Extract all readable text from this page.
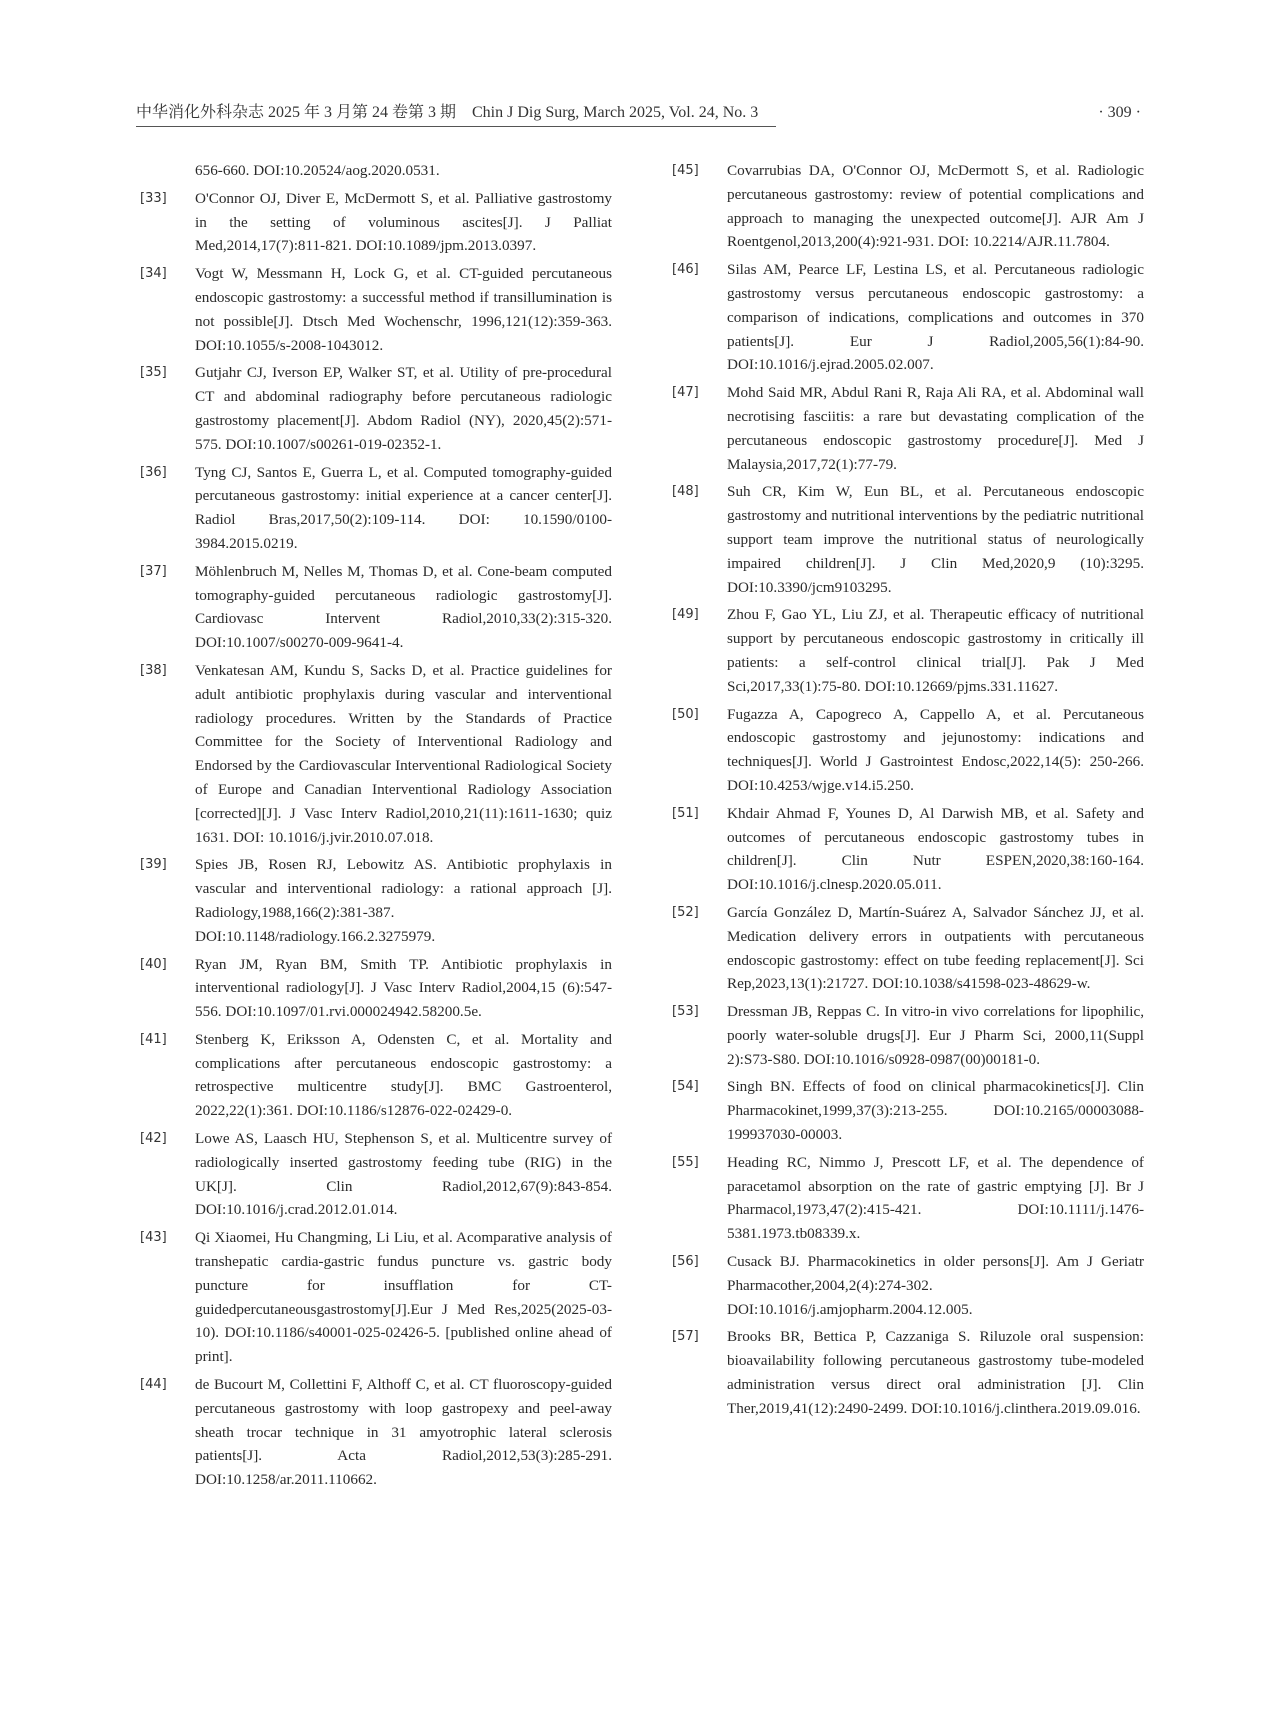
中华消化外科杂志 2025 年 3 月第 24 卷第 3 期　Chin J Dig Surg, March 2025, Vol. 24, No. 3	· 309 ·
656-660. DOI:10.20524/aog.2020.0531.
[33]	O'Connor OJ, Diver E, McDermott S, et al. Palliative gastrostomy in the setting of voluminous ascites[J]. J Palliat Med,2014,17(7):811-821. DOI:10.1089/jpm.2013.0397.
[34]	Vogt W, Messmann H, Lock G, et al. CT-guided percutaneous endoscopic gastrostomy: a successful method if transillumination is not possible[J]. Dtsch Med Wochenschr, 1996,121(12):359-363. DOI:10.1055/s-2008-1043012.
[35]	Gutjahr CJ, Iverson EP, Walker ST, et al. Utility of pre-procedural CT and abdominal radiography before percutaneous radiologic gastrostomy placement[J]. Abdom Radiol (NY), 2020,45(2):571-575. DOI:10.1007/s00261-019-02352-1.
[36]	Tyng CJ, Santos E, Guerra L, et al. Computed tomography-guided percutaneous gastrostomy: initial experience at a cancer center[J]. Radiol Bras,2017,50(2):109-114. DOI: 10.1590/0100-3984.2015.0219.
[37]	Möhlenbruch M, Nelles M, Thomas D, et al. Cone-beam computed tomography-guided percutaneous radiologic gastrostomy[J]. Cardiovasc Intervent Radiol,2010,33(2):315-320. DOI:10.1007/s00270-009-9641-4.
[38]	Venkatesan AM, Kundu S, Sacks D, et al. Practice guidelines for adult antibiotic prophylaxis during vascular and interventional radiology procedures. Written by the Standards of Practice Committee for the Society of Interventional Radiology and Endorsed by the Cardiovascular Interventional Radiological Society of Europe and Canadian Interventional Radiology Association [corrected][J]. J Vasc Interv Radiol,2010,21(11):1611-1630; quiz 1631. DOI: 10.1016/j.jvir.2010.07.018.
[39]	Spies JB, Rosen RJ, Lebowitz AS. Antibiotic prophylaxis in vascular and interventional radiology: a rational approach [J]. Radiology,1988,166(2):381-387. DOI:10.1148/radiology.166.2.3275979.
[40]	Ryan JM, Ryan BM, Smith TP. Antibiotic prophylaxis in interventional radiology[J]. J Vasc Interv Radiol,2004,15 (6):547-556. DOI:10.1097/01.rvi.000024942.58200.5e.
[41]	Stenberg K, Eriksson A, Odensten C, et al. Mortality and complications after percutaneous endoscopic gastrostomy: a retrospective multicentre study[J]. BMC Gastroenterol, 2022,22(1):361. DOI:10.1186/s12876-022-02429-0.
[42]	Lowe AS, Laasch HU, Stephenson S, et al. Multicentre survey of radiologically inserted gastrostomy feeding tube (RIG) in the UK[J]. Clin Radiol,2012,67(9):843-854. DOI:10.1016/j.crad.2012.01.014.
[43]	Qi Xiaomei, Hu Changming, Li Liu, et al. Acomparative analysis of transhepatic cardia-gastric fundus puncture vs. gastric body puncture for insufflation for CT-guidedpercutaneousgastrostomy[J].Eur J Med Res,2025(2025-03-10). DOI:10.1186/s40001-025-02426-5. [published online ahead of print].
[44]	de Bucourt M, Collettini F, Althoff C, et al. CT fluoroscopy-guided percutaneous gastrostomy with loop gastropexy and peel-away sheath trocar technique in 31 amyotrophic lateral sclerosis patients[J]. Acta Radiol,2012,53(3):285-291. DOI:10.1258/ar.2011.110662.
[45]	Covarrubias DA, O'Connor OJ, McDermott S, et al. Radiologic percutaneous gastrostomy: review of potential complications and approach to managing the unexpected outcome[J]. AJR Am J Roentgenol,2013,200(4):921-931. DOI: 10.2214/AJR.11.7804.
[46]	Silas AM, Pearce LF, Lestina LS, et al. Percutaneous radiologic gastrostomy versus percutaneous endoscopic gastrostomy: a comparison of indications, complications and outcomes in 370 patients[J]. Eur J Radiol,2005,56(1):84-90. DOI:10.1016/j.ejrad.2005.02.007.
[47]	Mohd Said MR, Abdul Rani R, Raja Ali RA, et al. Abdominal wall necrotising fasciitis: a rare but devastating complication of the percutaneous endoscopic gastrostomy procedure[J]. Med J Malaysia,2017,72(1):77-79.
[48]	Suh CR, Kim W, Eun BL, et al. Percutaneous endoscopic gastrostomy and nutritional interventions by the pediatric nutritional support team improve the nutritional status of neurologically impaired children[J]. J Clin Med,2020,9 (10):3295. DOI:10.3390/jcm9103295.
[49]	Zhou F, Gao YL, Liu ZJ, et al. Therapeutic efficacy of nutritional support by percutaneous endoscopic gastrostomy in critically ill patients: a self-control clinical trial[J]. Pak J Med Sci,2017,33(1):75-80. DOI:10.12669/pjms.331.11627.
[50]	Fugazza A, Capogreco A, Cappello A, et al. Percutaneous endoscopic gastrostomy and jejunostomy: indications and techniques[J]. World J Gastrointest Endosc,2022,14(5): 250-266. DOI:10.4253/wjge.v14.i5.250.
[51]	Khdair Ahmad F, Younes D, Al Darwish MB, et al. Safety and outcomes of percutaneous endoscopic gastrostomy tubes in children[J]. Clin Nutr ESPEN,2020,38:160-164. DOI:10.1016/j.clnesp.2020.05.011.
[52]	García González D, Martín-Suárez A, Salvador Sánchez JJ, et al. Medication delivery errors in outpatients with percutaneous endoscopic gastrostomy: effect on tube feeding replacement[J]. Sci Rep,2023,13(1):21727. DOI:10.1038/s41598-023-48629-w.
[53]	Dressman JB, Reppas C. In vitro-in vivo correlations for lipophilic, poorly water-soluble drugs[J]. Eur J Pharm Sci, 2000,11(Suppl 2):S73-S80. DOI:10.1016/s0928-0987(00)00181-0.
[54]	Singh BN. Effects of food on clinical pharmacokinetics[J]. Clin Pharmacokinet,1999,37(3):213-255. DOI:10.2165/00003088-199937030-00003.
[55]	Heading RC, Nimmo J, Prescott LF, et al. The dependence of paracetamol absorption on the rate of gastric emptying [J]. Br J Pharmacol,1973,47(2):415-421. DOI:10.1111/j.1476-5381.1973.tb08339.x.
[56]	Cusack BJ. Pharmacokinetics in older persons[J]. Am J Geriatr Pharmacother,2004,2(4):274-302. DOI:10.1016/j.amjopharm.2004.12.005.
[57]	Brooks BR, Bettica P, Cazzaniga S. Riluzole oral suspension: bioavailability following percutaneous gastrostomy tube-modeled administration versus direct oral administration [J]. Clin Ther,2019,41(12):2490-2499. DOI:10.1016/j.clinthera.2019.09.016.
